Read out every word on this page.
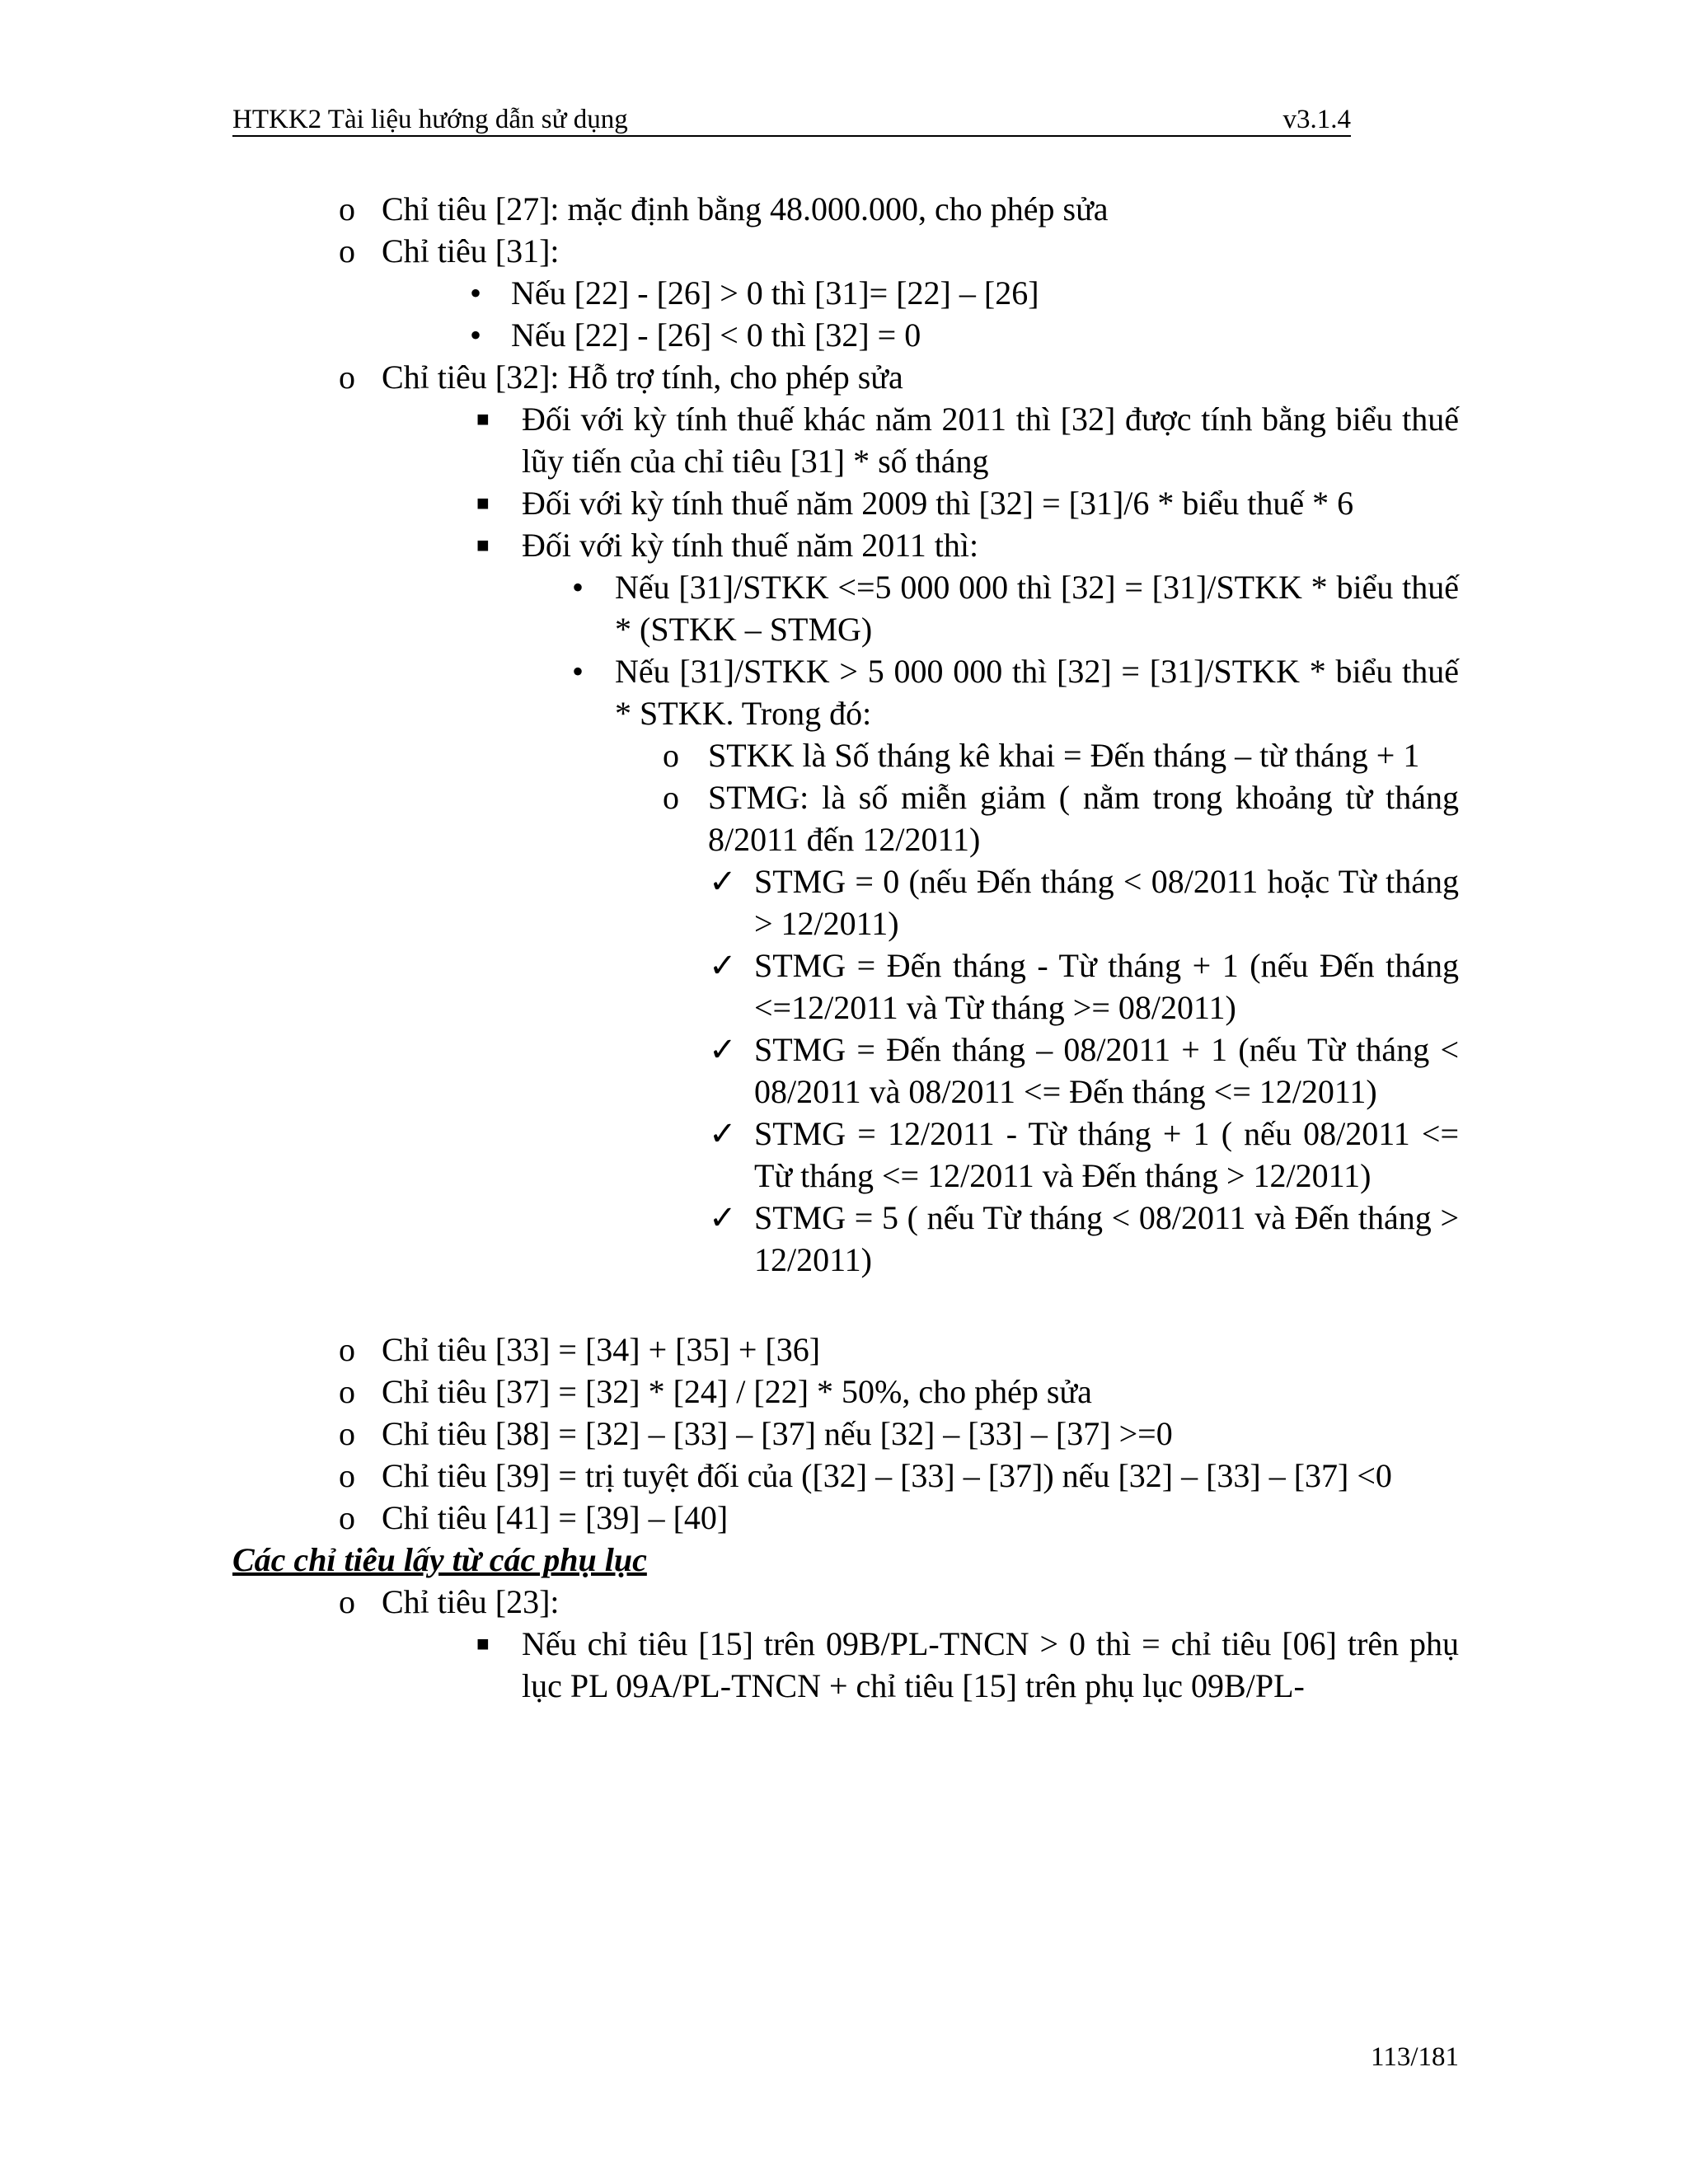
HTKK2 Tài liệu hướng dẫn sử dụng	v3.1.4

o Chỉ tiêu [27]: mặc định bằng 48.000.000, cho phép sửa

o Chỉ tiêu [31]:

• Nếu [22] - [26] > 0 thì [31]= [22] – [26]

• Nếu [22] - [26] < 0 thì [32] = 0

o Chỉ tiêu [32]: Hỗ trợ tính, cho phép sửa

■ Đối với kỳ tính thuế khác năm 2011 thì [32] được tính bằng biểu thuế lũy tiến của chỉ tiêu [31] * số tháng

■ Đối với kỳ tính thuế năm 2009 thì [32] = [31]/6 * biểu thuế * 6

■ Đối với kỳ tính thuế năm 2011 thì:

• Nếu [31]/STKK <=5 000 000 thì [32] = [31]/STKK * biểu thuế * (STKK – STMG)

• Nếu [31]/STKK > 5 000 000 thì [32] = [31]/STKK * biểu thuế * STKK. Trong đó:

o STKK là Số tháng kê khai = Đến tháng – từ tháng + 1

o STMG: là số miễn giảm ( nằm trong khoảng từ tháng 8/2011 đến 12/2011)

✓ STMG = 0 (nếu Đến tháng < 08/2011 hoặc Từ tháng > 12/2011)

✓ STMG = Đến tháng - Từ tháng + 1 (nếu Đến tháng <=12/2011 và Từ tháng >= 08/2011)

✓ STMG = Đến tháng – 08/2011 + 1 (nếu Từ tháng < 08/2011 và 08/2011 <= Đến tháng <= 12/2011)

✓ STMG = 12/2011 - Từ tháng + 1 ( nếu 08/2011 <= Từ tháng <= 12/2011 và Đến tháng > 12/2011)

✓ STMG = 5 ( nếu Từ tháng < 08/2011 và Đến tháng > 12/2011)

o Chỉ tiêu [33] = [34] + [35] + [36]

o Chỉ tiêu [37] = [32] * [24] / [22] * 50%, cho phép sửa

o Chỉ tiêu [38] = [32] – [33] – [37] nếu [32] – [33] – [37] >=0

o Chỉ tiêu [39] = trị tuyệt đối của ([32] – [33] – [37]) nếu [32] – [33] – [37] <0

o Chỉ tiêu [41] = [39] – [40]

Các chỉ tiêu lấy từ các phụ lục

o Chỉ tiêu [23]:

■ Nếu chỉ tiêu [15] trên 09B/PL-TNCN > 0 thì = chỉ tiêu [06] trên phụ lục PL 09A/PL-TNCN + chỉ tiêu [15] trên phụ lục 09B/PL-

113/181
